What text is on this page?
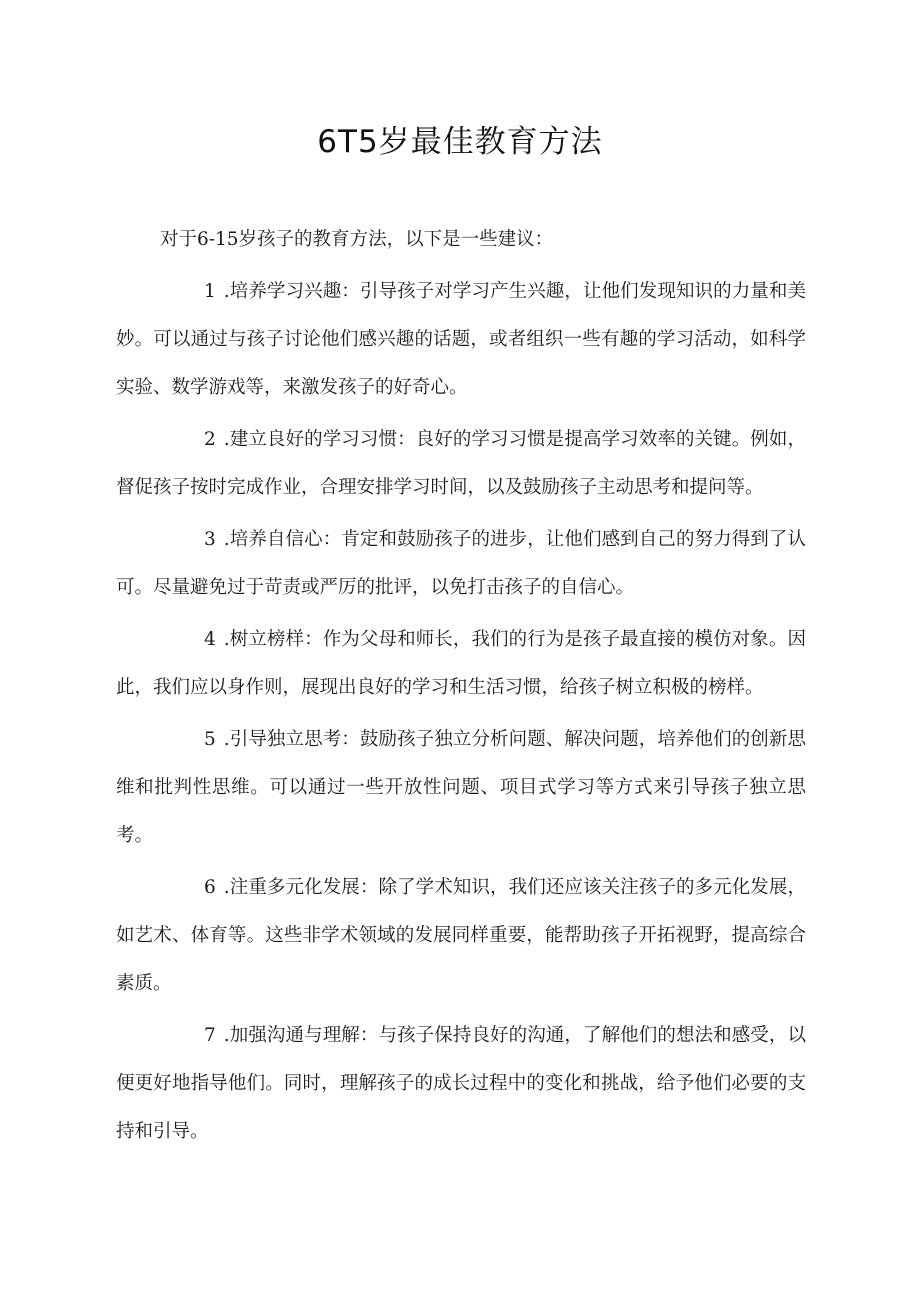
6T5岁最佳教育方法

对于6-15岁孩子的教育方法，以下是一些建议：

1 .培养学习兴趣：引导孩子对学习产生兴趣，让他们发现知识的力量和美妙。可以通过与孩子讨论他们感兴趣的话题，或者组织一些有趣的学习活动，如科学实验、数学游戏等，来激发孩子的好奇心。

2 .建立良好的学习习惯：良好的学习习惯是提高学习效率的关键。例如，督促孩子按时完成作业，合理安排学习时间，以及鼓励孩子主动思考和提问等。

3 .培养自信心：肯定和鼓励孩子的进步，让他们感到自己的努力得到了认可。尽量避免过于苛责或严厉的批评，以免打击孩子的自信心。

4 .树立榜样：作为父母和师长，我们的行为是孩子最直接的模仿对象。因此，我们应以身作则，展现出良好的学习和生活习惯，给孩子树立积极的榜样。

5 .引导独立思考：鼓励孩子独立分析问题、解决问题，培养他们的创新思维和批判性思维。可以通过一些开放性问题、项目式学习等方式来引导孩子独立思考。

6 .注重多元化发展：除了学术知识，我们还应该关注孩子的多元化发展，如艺术、体育等。这些非学术领域的发展同样重要，能帮助孩子开拓视野，提高综合素质。

7 .加强沟通与理解：与孩子保持良好的沟通，了解他们的想法和感受，以便更好地指导他们。同时，理解孩子的成长过程中的变化和挑战，给予他们必要的支持和引导。
